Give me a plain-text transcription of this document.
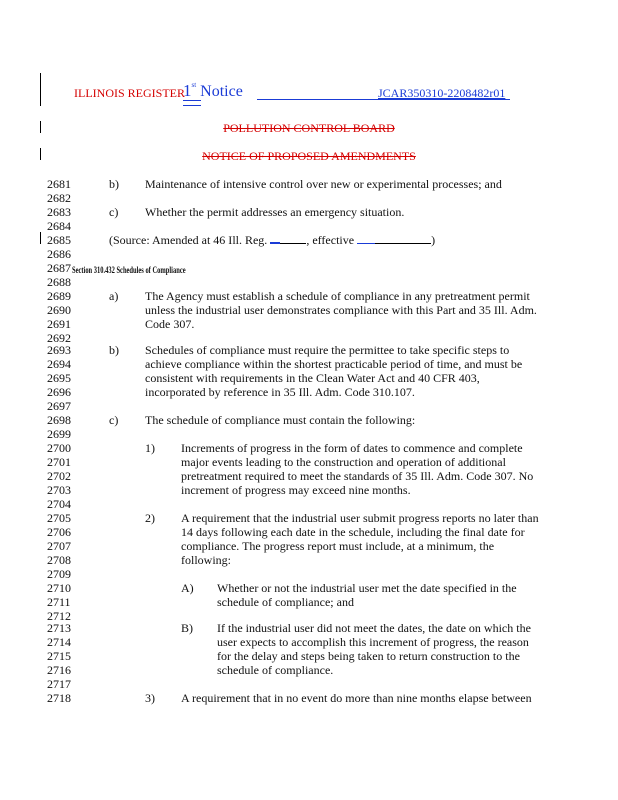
ILLINOIS REGISTER
1st Notice	JCAR350310-2208482r01
POLLUTION CONTROL BOARD
NOTICE OF PROPOSED AMENDMENTS
2681
2682
2683
2684
2685
2686
2687
2688
2689
2690
2691
2692
2693
2694
2695
2696
2697
2698
2699
2700
2701
2702
2703
2704
2705
2706
2707
2708
2709
2710
2711
2712
2713
2714
2715
2716
2717
2718
b) Maintenance of intensive control over new or experimental processes; and
c) Whether the permit addresses an emergency situation.
(Source: Amended at 46 Ill. Reg.	, effective	)
Section 310.432 Schedules of Compliance
a) The Agency must establish a schedule of compliance in any pretreatment permit
unless the industrial user demonstrates compliance with this Part and 35 Ill. Adm.
Code 307.
b) Schedules of compliance must require the permittee to take specific steps to
achieve compliance within the shortest practicable period of time, and must be
consistent with requirements in the Clean Water Act and 40 CFR 403,
incorporated by reference in 35 Ill. Adm. Code 310.107.
c) The schedule of compliance must contain the following:
1) Increments of progress in the form of dates to commence and complete
major events leading to the construction and operation of additional
pretreatment required to meet the standards of 35 Ill. Adm. Code 307. No
increment of progress may exceed nine months.
2) A requirement that the industrial user submit progress reports no later than
14 days following each date in the schedule, including the final date for
compliance. The progress report must include, at a minimum, the
following:
A) Whether or not the industrial user met the date specified in the
schedule of compliance; and
B) If the industrial user did not meet the dates, the date on which the
user expects to accomplish this increment of progress, the reason
for the delay and steps being taken to return construction to the
schedule of compliance.
3) A requirement that in no event do more than nine months elapse between
